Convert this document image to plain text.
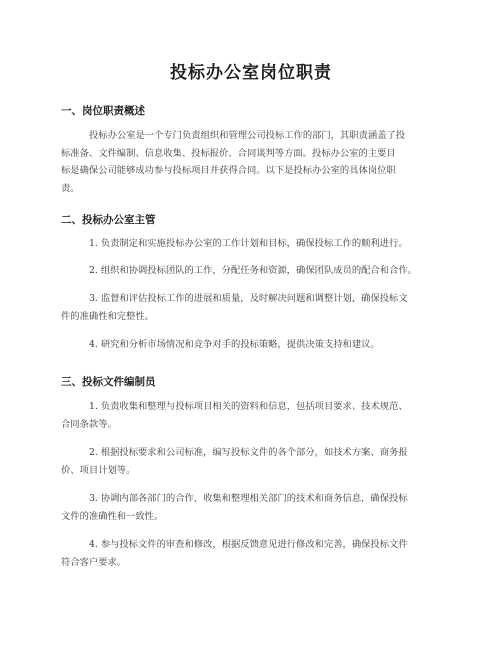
投标办公室岗位职责
一、岗位职责概述
投标办公室是一个专门负责组织和管理公司投标工作的部门，其职责涵盖了投
标准备、文件编制、信息收集、投标报价、合同谈判等方面。投标办公室的主要目
标是确保公司能够成功参与投标项目并获得合同。以下是投标办公室的具体岗位职
责。
二、投标办公室主管
1. 负责制定和实施投标办公室的工作计划和目标，确保投标工作的顺利进行。
2. 组织和协调投标团队的工作，分配任务和资源，确保团队成员的配合和合作。
3. 监督和评估投标工作的进展和质量，及时解决问题和调整计划，确保投标文
件的准确性和完整性。
4. 研究和分析市场情况和竞争对手的投标策略，提供决策支持和建议。
三、投标文件编制员
1. 负责收集和整理与投标项目相关的资料和信息，包括项目要求、技术规范、
合同条款等。
2. 根据投标要求和公司标准，编写投标文件的各个部分，如技术方案、商务报
价、项目计划等。
3. 协调内部各部门的合作，收集和整理相关部门的技术和商务信息，确保投标
文件的准确性和一致性。
4. 参与投标文件的审查和修改，根据反馈意见进行修改和完善，确保投标文件
符合客户要求。
